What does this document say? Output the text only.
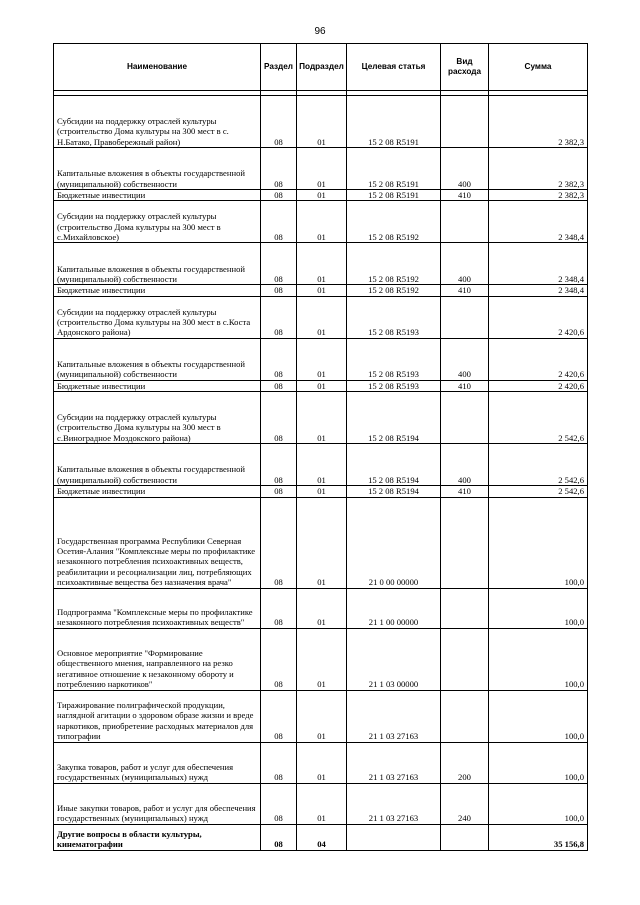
96
Наименование	Раздел	Подраздел	Целевая статья	Вид расхода	Сумма

Субсидии на поддержку отраслей культуры (строительство Дома культуры на 300 мест в с. Н.Батако, Правобережный район)	08	01	15 2 08 R5191		2 382,3
Капитальные вложения в объекты государственной (муниципальной) собственности	08	01	15 2 08 R5191	400	2 382,3
Бюджетные инвестиции	08	01	15 2 08 R5191	410	2 382,3
Субсидии на поддержку отраслей культуры (строительство Дома культуры на 300 мест в с.Михайловское)	08	01	15 2 08 R5192		2 348,4
Капитальные вложения в объекты государственной (муниципальной) собственности	08	01	15 2 08 R5192	400	2 348,4
Бюджетные инвестиции	08	01	15 2 08 R5192	410	2 348,4
Субсидии на поддержку отраслей культуры (строительство Дома культуры на 300 мест в с.Коста Ардонского района)	08	01	15 2 08 R5193		2 420,6
Капитальные вложения в объекты государственной (муниципальной) собственности	08	01	15 2 08 R5193	400	2 420,6
Бюджетные инвестиции	08	01	15 2 08 R5193	410	2 420,6
Субсидии на поддержку отраслей культуры (строительство Дома культуры на 300 мест в с.Виноградное Моздокского района)	08	01	15 2 08 R5194		2 542,6
Капитальные вложения в объекты государственной (муниципальной) собственности	08	01	15 2 08 R5194	400	2 542,6
Бюджетные инвестиции	08	01	15 2 08 R5194	410	2 542,6
Государственная программа Республики Северная Осетия-Алания "Комплексные меры по профилактике незаконного потребления психоактивных веществ, реабилитации и ресоциализации лиц, потребляющих психоактивные вещества без назначения врача"	08	01	21 0 00 00000		100,0
Подпрограмма "Комплексные меры по профилактике незаконного потребления психоактивных веществ"	08	01	21 1 00 00000		100,0
Основное мероприятие "Формирование общественного мнения, направленного на резко негативное отношение к незаконному обороту и потреблению наркотиков"	08	01	21 1 03 00000		100,0
Тиражирование полиграфической продукции, наглядной агитации о здоровом образе жизни и вреде наркотиков, приобретение расходных материалов для типографии	08	01	21 1 03 27163		100,0
Закупка товаров, работ и услуг для обеспечения государственных (муниципальных) нужд	08	01	21 1 03 27163	200	100,0
Иные закупки товаров, работ и услуг для обеспечения государственных (муниципальных) нужд	08	01	21 1 03 27163	240	100,0
Другие вопросы в области культуры, кинематографии	08	04			35 156,8
